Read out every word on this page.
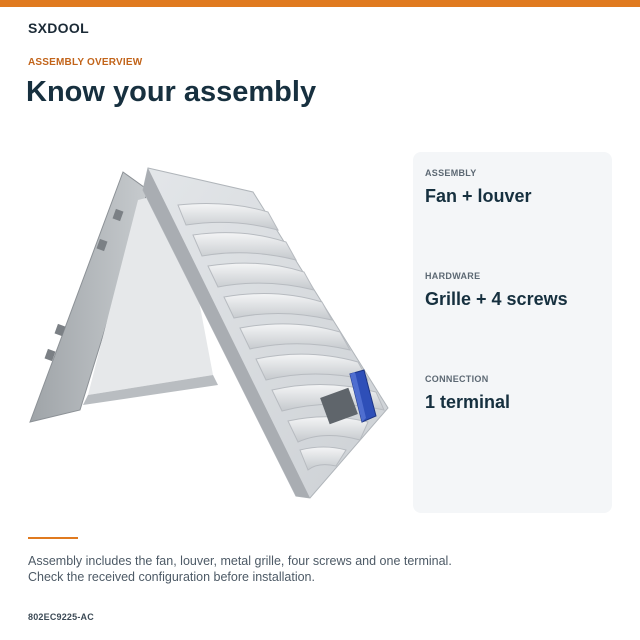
SXDOOL
ASSEMBLY OVERVIEW
Know your assembly
ASSEMBLY
Fan + louver
HARDWARE
Grille + 4 screws
CONNECTION
1 terminal
Assembly includes the fan, louver, metal grille, four screws and one terminal.
Check the received configuration before installation.
802EC9225-AC
